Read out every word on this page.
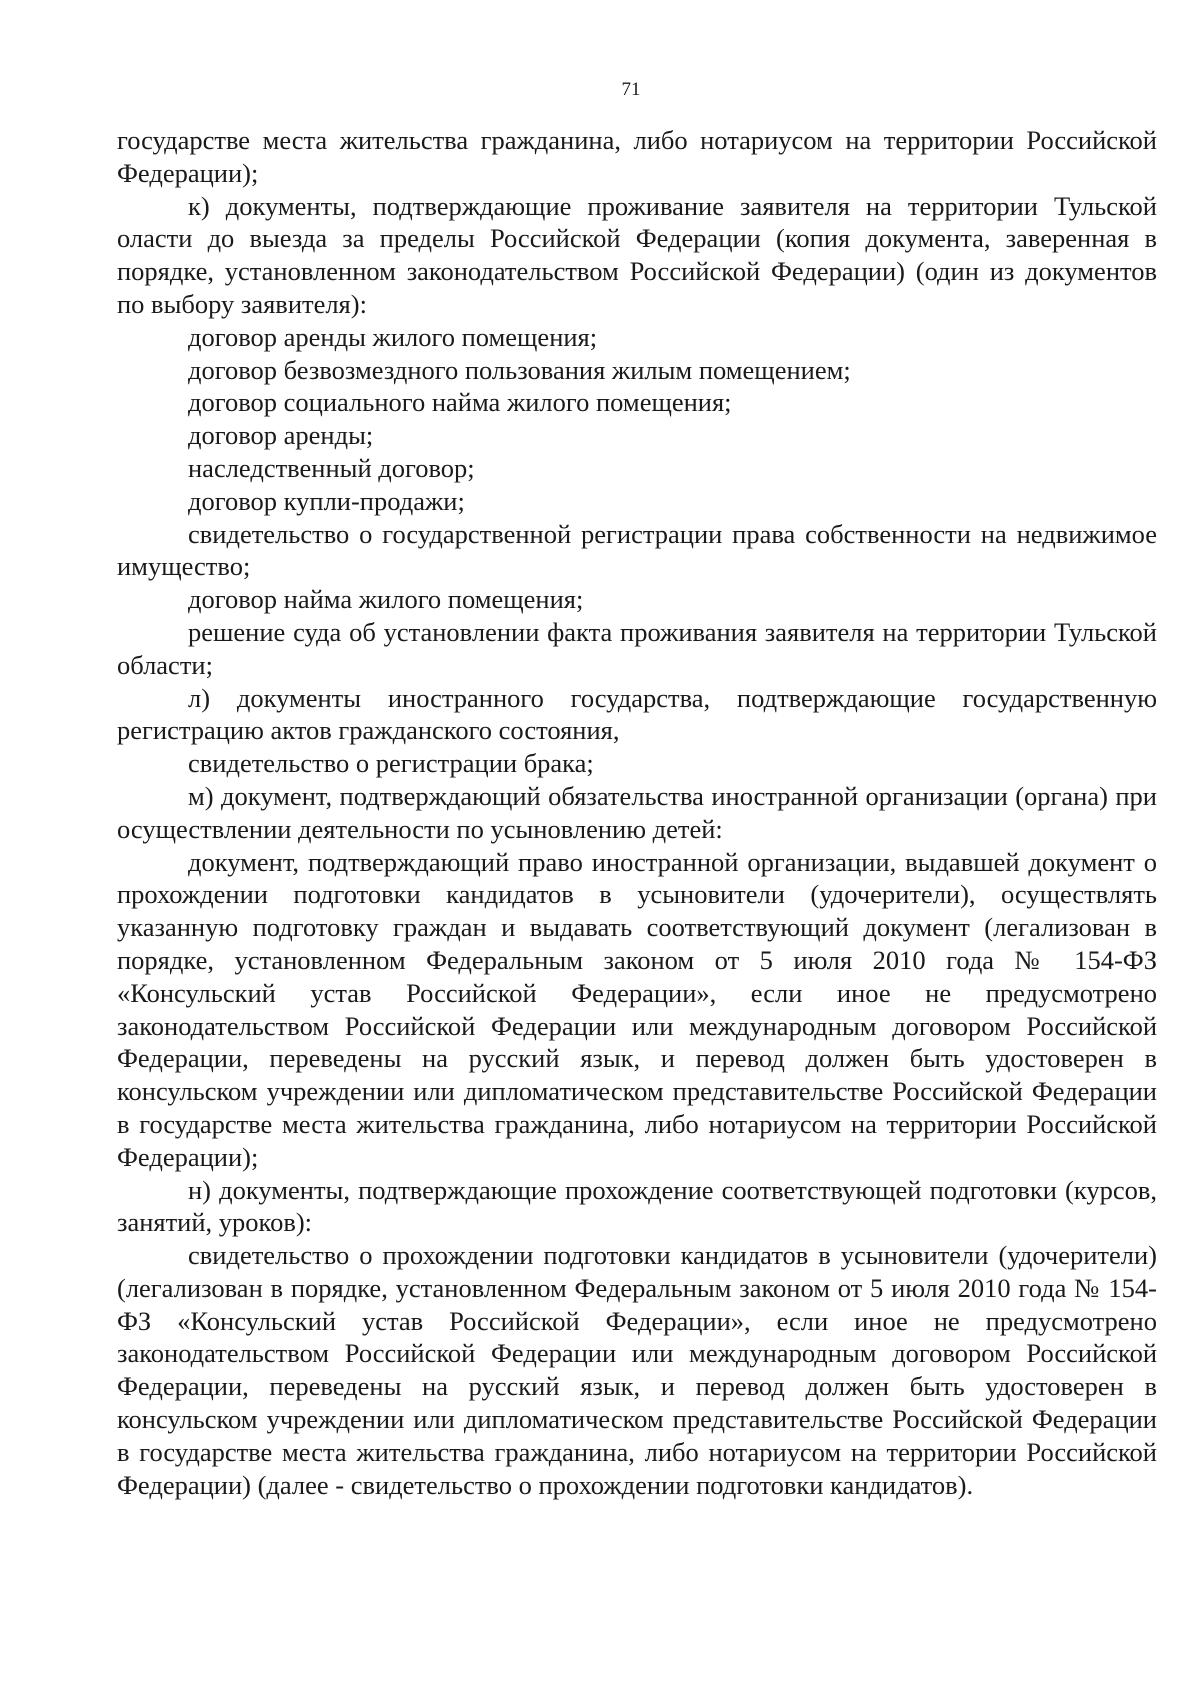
71

государстве места жительства гражданина, либо нотариусом на территории Российской Федерации);

к) документы, подтверждающие проживание заявителя на территории Тульской оласти до выезда за пределы Российской Федерации (копия документа, заверенная в порядке, установленном законодательством Российской Федерации) (один из документов по выбору заявителя):

договор аренды жилого помещения;

договор безвозмездного пользования жилым помещением;

договор социального найма жилого помещения;

договор аренды;

наследственный договор;

договор купли-продажи;

свидетельство о государственной регистрации права собственности на недвижимое имущество;

договор найма жилого помещения;

решение суда об установлении факта проживания заявителя на территории Тульской области;

л) документы иностранного государства, подтверждающие государственную регистрацию актов гражданского состояния,

свидетельство о регистрации брака;

м) документ, подтверждающий обязательства иностранной организации (органа) при осуществлении деятельности по усыновлению детей:

документ, подтверждающий право иностранной организации, выдавшей документ о прохождении подготовки кандидатов в усыновители (удочерители), осуществлять указанную подготовку граждан и выдавать соответствующий документ (легализован в порядке, установленном Федеральным законом от 5 июля 2010 года № 154-ФЗ «Консульский устав Российской Федерации», если иное не предусмотрено законодательством Российской Федерации или международным договором Российской Федерации, переведены на русский язык, и перевод должен быть удостоверен в консульском учреждении или дипломатическом представительстве Российской Федерации в государстве места жительства гражданина, либо нотариусом на территории Российской Федерации);

н) документы, подтверждающие прохождение соответствующей подготовки (курсов, занятий, уроков):

свидетельство о прохождении подготовки кандидатов в усыновители (удочерители) (легализован в порядке, установленном Федеральным законом от 5 июля 2010 года № 154-ФЗ «Консульский устав Российской Федерации», если иное не предусмотрено законодательством Российской Федерации или международным договором Российской Федерации, переведены на русский язык, и перевод должен быть удостоверен в консульском учреждении или дипломатическом представительстве Российской Федерации в государстве места жительства гражданина, либо нотариусом на территории Российской Федерации) (далее - свидетельство о прохождении подготовки кандидатов).
